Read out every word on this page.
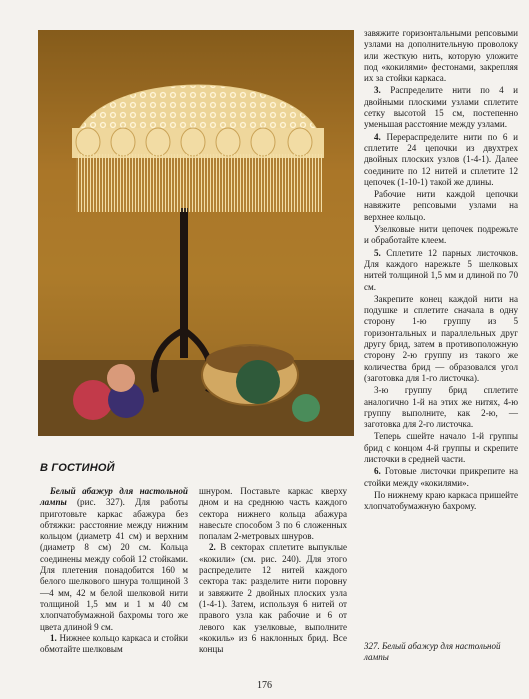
завяжите горизонтальными репсовыми узлами на дополнительную проволоку или жесткую нить, которую уложите под «кокилями» фестонами, закрепляя их за стойки каркаса.

3. Распределите нити по 4 и двойными плоскими узлами сплетите сетку высотой 15 см, постепенно уменьшая расстояние между узлами.

4. Перераспределите нити по 6 и сплетите 24 цепочки из двухтрех двойных плоских узлов (1-4-1). Далее соедините по 12 нитей и сплетите 12 цепочек (1-10-1) такой же длины.

Рабочие нити каждой цепочки навяжите репсовыми узлами на верхнее кольцо.

Узелковые нити цепочек подрежьте и обработайте клеем.

5. Сплетите 12 парных листочков. Для каждого нарежьте 5 шелковых нитей толщиной 1,5 мм и длиной по 70 см.

Закрепите конец каждой нити на подушке и сплетите сначала в одну сторону 1-ю группу из 5 горизонтальных и параллельных друг другу брид, затем в противоположную сторону 2-ю группу из такого же количества брид — образовался угол (заготовка для 1-го листочка).

3-ю группу брид сплетите аналогично 1-й на этих же нитях, 4-ю группу выполните, как 2-ю, — заготовка для 2-го листочка.

Теперь сшейте начало 1-й группы брид с концом 4-й группы и скрепите листочки в средней части.

6. Готовые листочки прикрепите на стойки между «кокилями».

По нижнему краю каркаса пришейте хлопчатобумажную бахрому.

В ГОСТИНОЙ

Белый абажур для настольной лампы (рис. 327). Для работы приготовьте каркас абажура без обтяжки: расстояние между нижним кольцом (диаметр 41 см) и верхним (диаметр 8 см) 20 см. Кольца соединены между собой 12 стойками. Для плетения понадобится 160 м белого шелкового шнура толщиной 3—4 мм, 42 м белой шелковой нити толщиной 1,5 мм и 1 м 40 см хлопчатобумажной бахромы того же цвета длиной 9 см.

1. Нижнее кольцо каркаса и стойки обмотайте шелковым

шнуром. Поставьте каркас кверху дном и на среднюю часть каждого сектора нижнего кольца абажура навесьте способом 3 по 6 сложенных попалам 2-метровых шнуров.

2. В секторах сплетите выпуклые «кокили» (см. рис. 240). Для этого распределите 12 нитей каждого сектора так: разделите нити поровну и завяжите 2 двойных плоских узла (1-4-1). Затем, используя 6 нитей от правого узла как рабочие и 6 от левого как узелковые, выполните «кокиль» из 6 наклонных брид. Все концы	327. Белый абажур для настольной лампы
176
